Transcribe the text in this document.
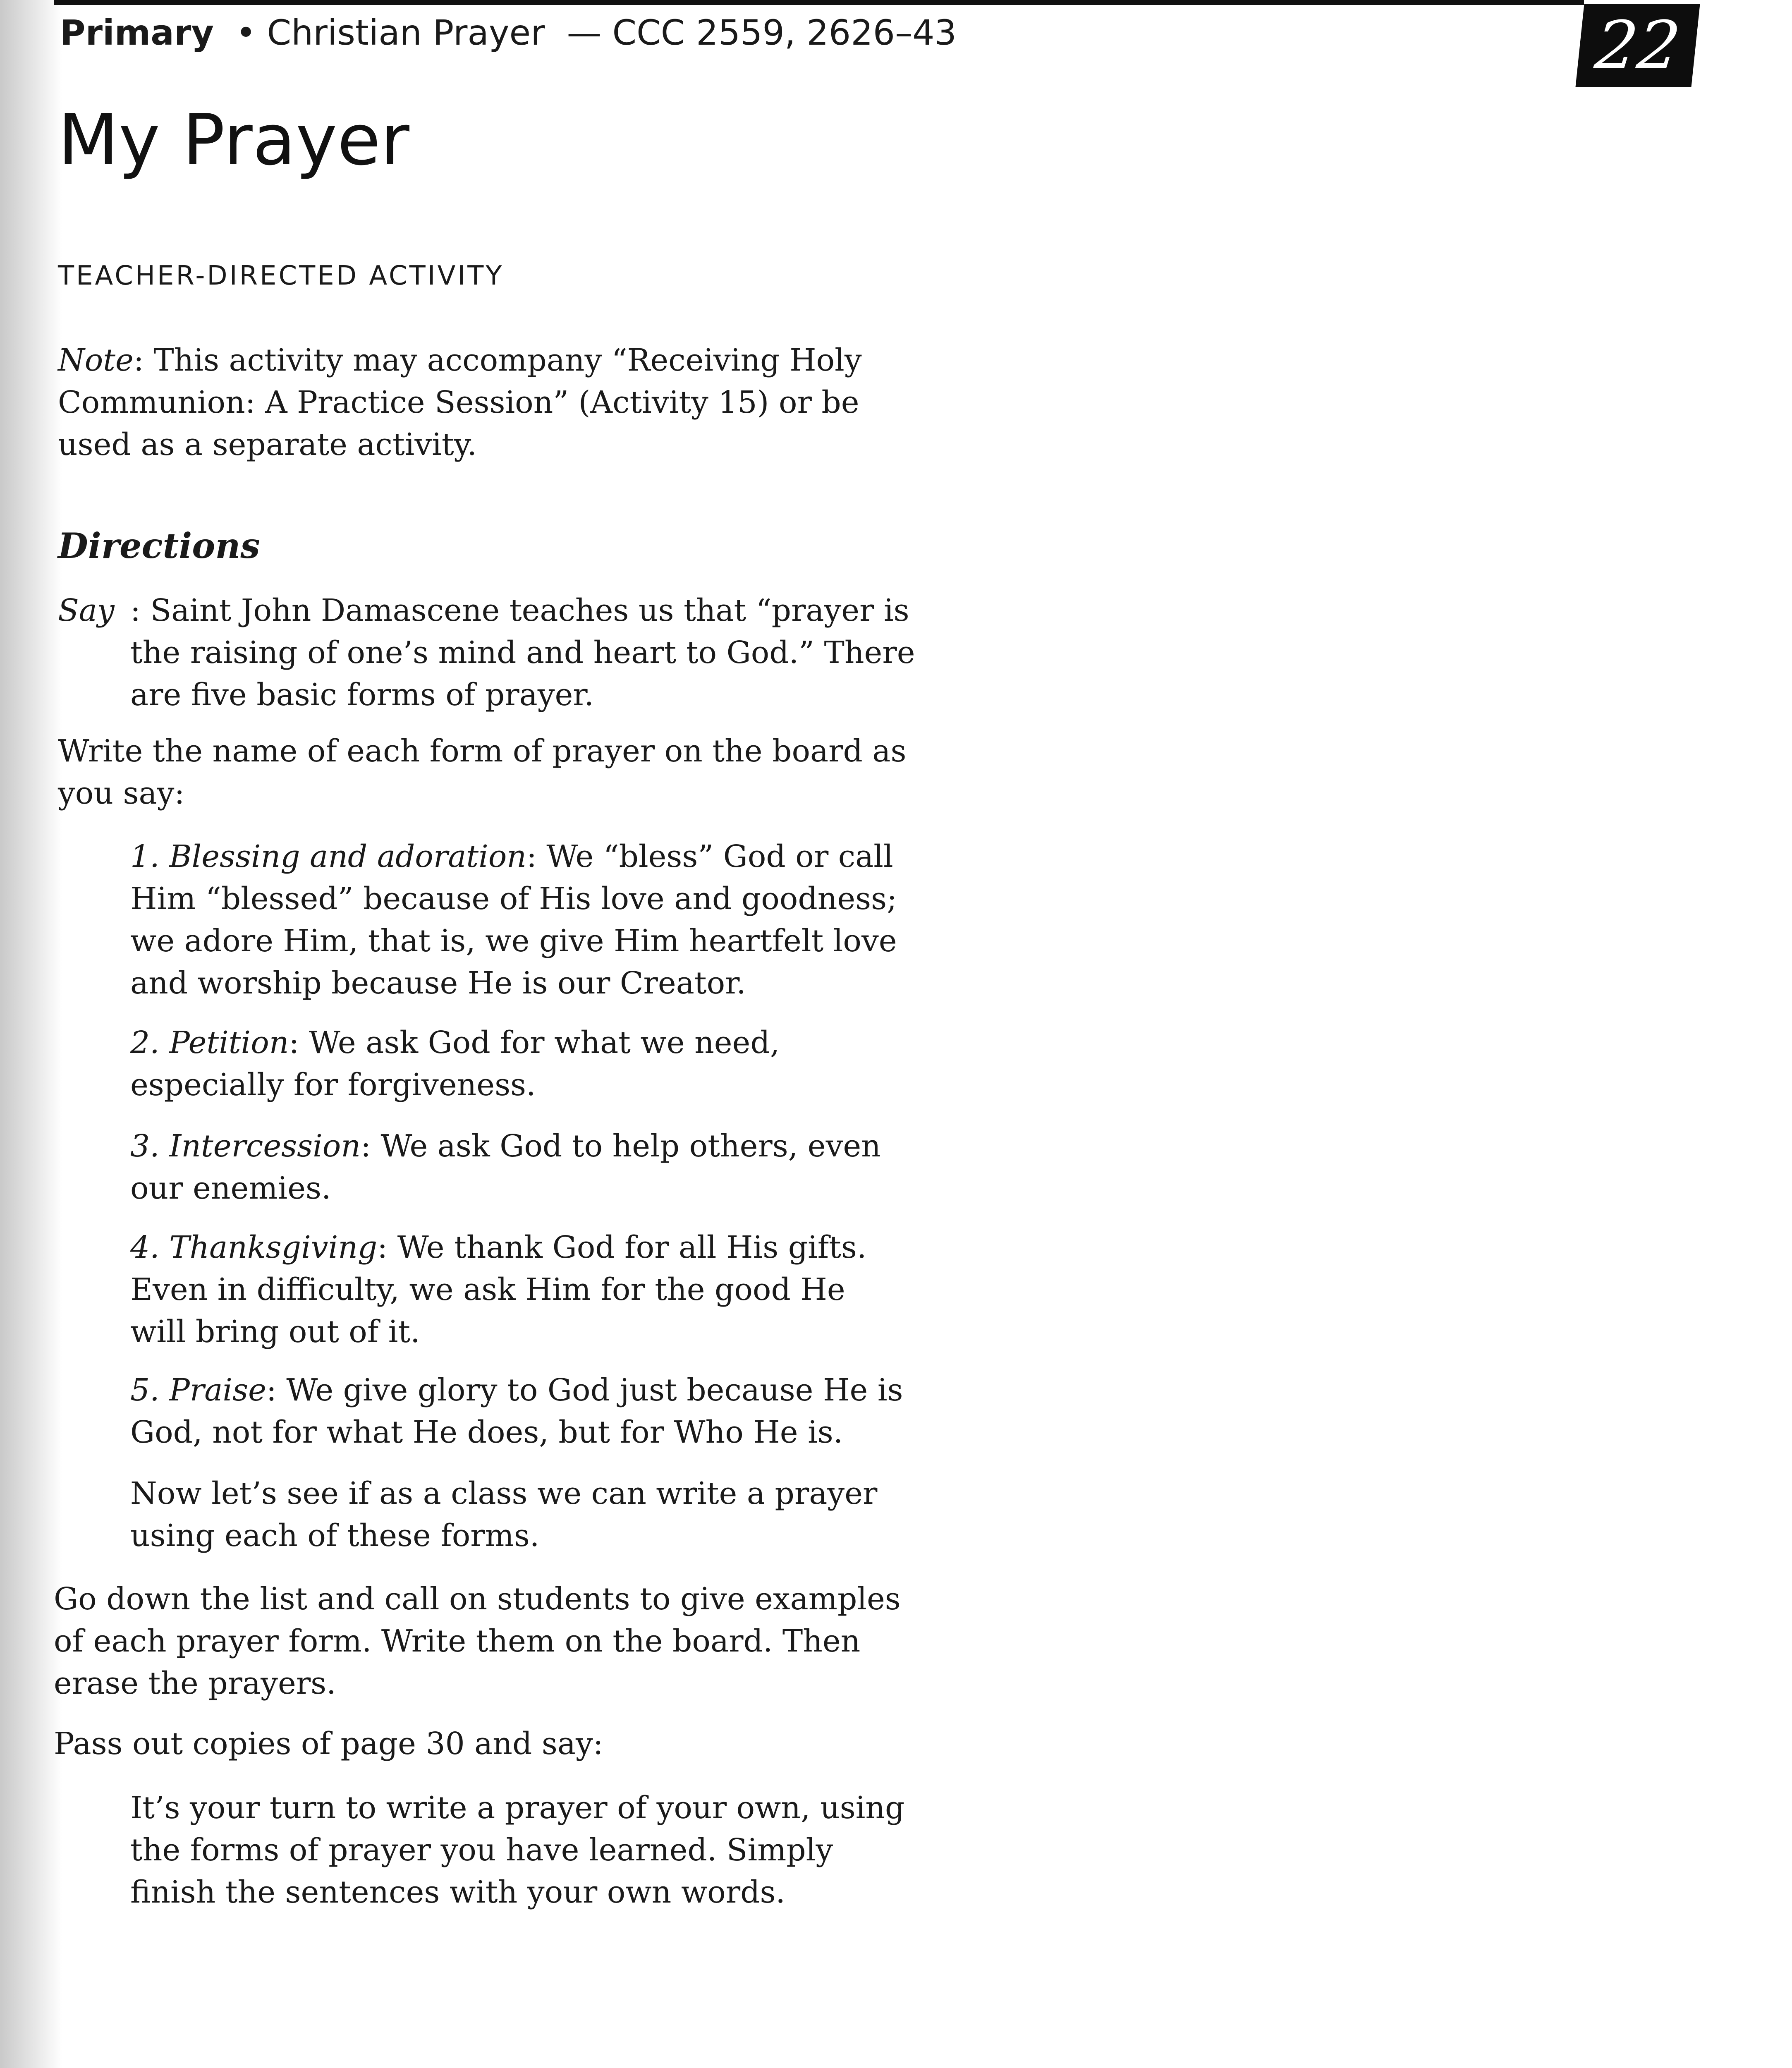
Primary • Christian Prayer — CCC 2559, 2626–43	22
My Prayer
TEACHER-DIRECTED ACTIVITY

Note: This activity may accompany “Receiving Holy
Communion: A Practice Session” (Activity 15) or be
used as a separate activity.

Directions
Say : Saint John Damascene teaches us that “prayer is
the raising of one’s mind and heart to God.” There
are five basic forms of prayer.

Write the name of each form of prayer on the board as
you say:

1. Blessing and adoration: We “bless” God or call
Him “blessed” because of His love and goodness;
we adore Him, that is, we give Him heartfelt love
and worship because He is our Creator.

2. Petition: We ask God for what we need,
especially for forgiveness.

3. Intercession: We ask God to help others, even
our enemies.

4. Thanksgiving: We thank God for all His gifts.
Even in difficulty, we ask Him for the good He
will bring out of it.

5. Praise: We give glory to God just because He is
God, not for what He does, but for Who He is.

Now let’s see if as a class we can write a prayer
using each of these forms.

Go down the list and call on students to give examples
of each prayer form. Write them on the board. Then
erase the prayers.

Pass out copies of page 30 and say:

It’s your turn to write a prayer of your own, using
the forms of prayer you have learned. Simply
finish the sentences with your own words.
